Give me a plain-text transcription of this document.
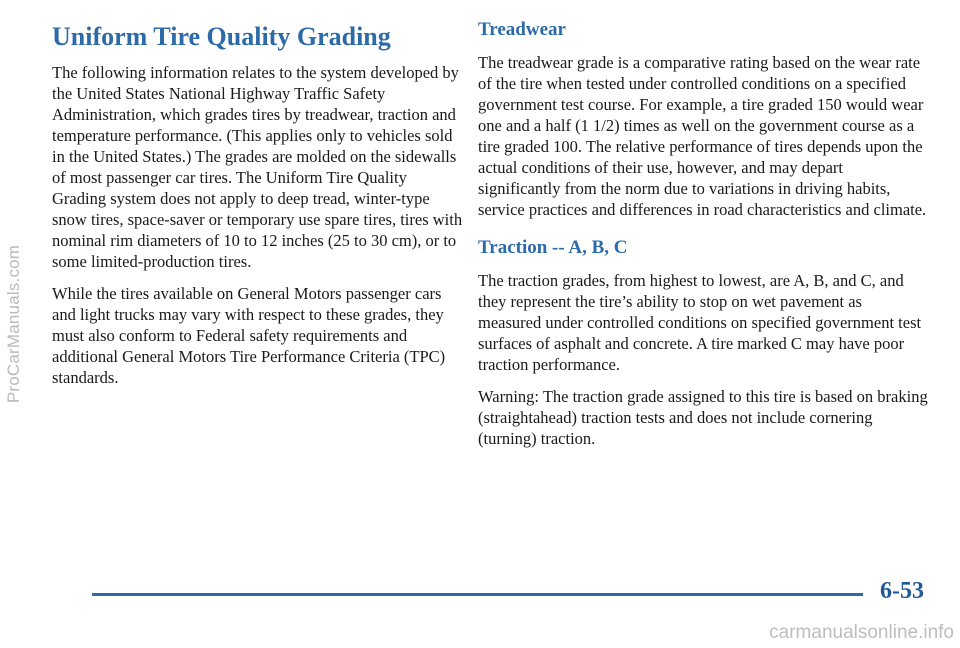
ProCarManuals.com
Uniform Tire Quality Grading

The following information relates to the system developed by the United States National Highway Traffic Safety Administration, which grades tires by treadwear, traction and temperature performance. (This applies only to vehicles sold in the United States.) The grades are molded on the sidewalls of most passenger car tires. The Uniform Tire Quality Grading system does not apply to deep tread, winter-type snow tires, space-saver or temporary use spare tires, tires with nominal rim diameters of 10 to 12 inches (25 to 30 cm), or to some limited-production tires.

While the tires available on General Motors passenger cars and light trucks may vary with respect to these grades, they must also conform to Federal safety requirements and additional General Motors Tire Performance Criteria (TPC) standards.

Treadwear

The treadwear grade is a comparative rating based on the wear rate of the tire when tested under controlled conditions on a specified government test course. For example, a tire graded 150 would wear one and a half (1 1/2) times as well on the government course as a tire graded 100. The relative performance of tires depends upon the actual conditions of their use, however, and may depart significantly from the norm due to variations in driving habits, service practices and differences in road characteristics and climate.

Traction -- A, B, C

The traction grades, from highest to lowest, are A, B, and C, and they represent the tire’s ability to stop on wet pavement as measured under controlled conditions on specified government test surfaces of asphalt and concrete. A tire marked C may have poor traction performance.

Warning: The traction grade assigned to this tire is based on braking (straightahead) traction tests and does not include cornering (turning) traction.

6-53
carmanualsonline.info
